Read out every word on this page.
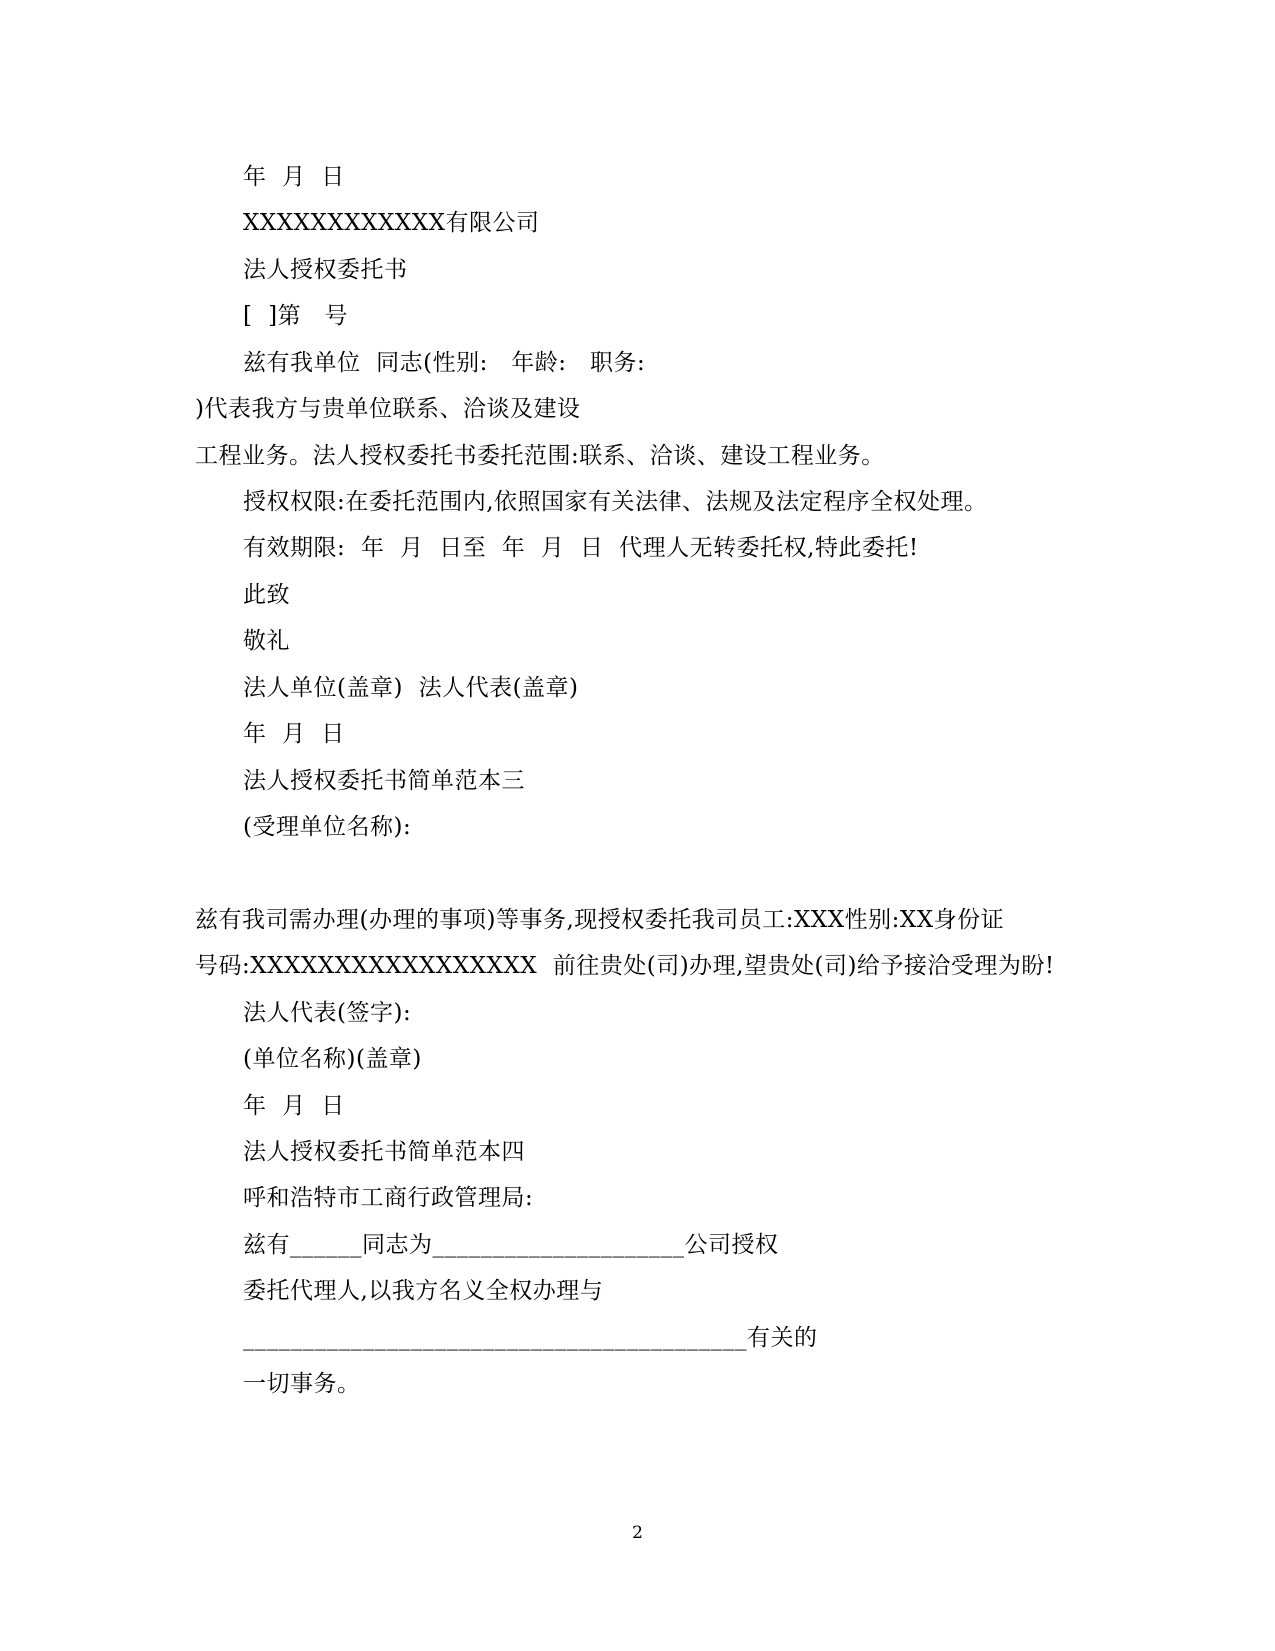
年  月  日
XXXXXXXXXXXX有限公司
法人授权委托书
[  ]第   号
兹有我单位  同志(性别:   年龄:   职务:
)代表我方与贵单位联系、洽谈及建设
工程业务。法人授权委托书委托范围:联系、洽谈、建设工程业务。
授权权限:在委托范围内,依照国家有关法律、法规及法定程序全权处理。
有效期限:  年  月  日至  年  月  日  代理人无转委托权,特此委托!
此致
敬礼
法人单位(盖章)  法人代表(盖章)
年  月  日
法人授权委托书简单范本三
(受理单位名称):
兹有我司需办理(办理的事项)等事务,现授权委托我司员工:XXX性别:XX身份证
号码:XXXXXXXXXXXXXXXXX  前往贵处(司)办理,望贵处(司)给予接洽受理为盼!
法人代表(签字):
(单位名称)(盖章)
年  月  日
法人授权委托书简单范本四
呼和浩特市工商行政管理局:
兹有______同志为_____________________公司授权
委托代理人,以我方名义全权办理与
__________________________________________有关的
一切事务。
2
